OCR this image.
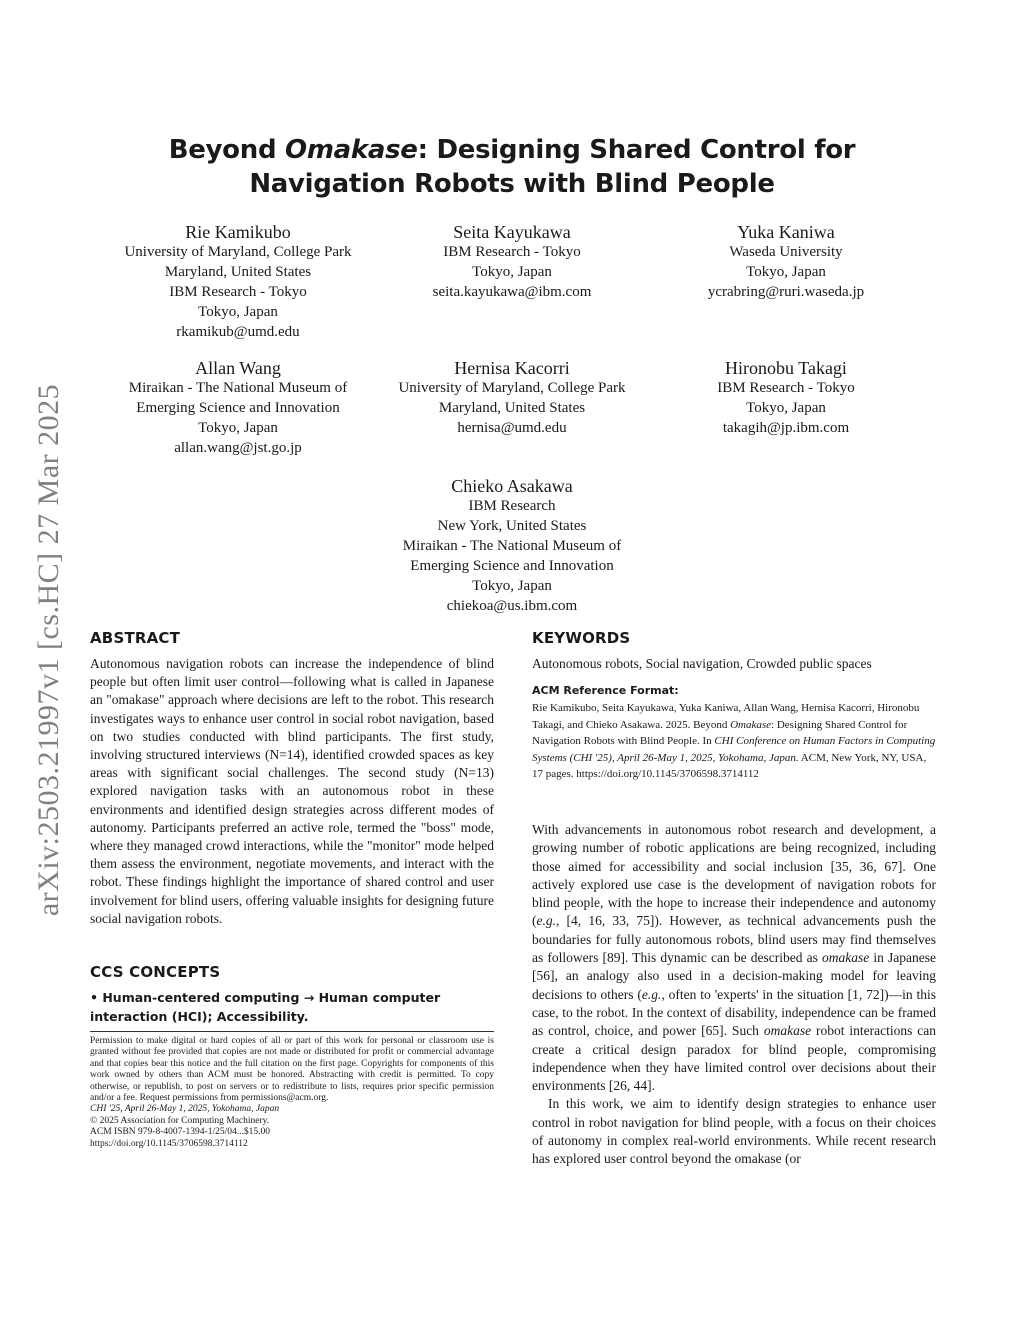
arXiv:2503.21997v1 [cs.HC] 27 Mar 2025
Beyond Omakase: Designing Shared Control for Navigation Robots with Blind People
Rie Kamikubo
University of Maryland, College Park
Maryland, United States
IBM Research - Tokyo
Tokyo, Japan
rkamikub@umd.edu
Seita Kayukawa
IBM Research - Tokyo
Tokyo, Japan
seita.kayukawa@ibm.com
Yuka Kaniwa
Waseda University
Tokyo, Japan
ycrabring@ruri.waseda.jp
Allan Wang
Miraikan - The National Museum of
Emerging Science and Innovation
Tokyo, Japan
allan.wang@jst.go.jp
Hernisa Kacorri
University of Maryland, College Park
Maryland, United States
hernisa@umd.edu
Hironobu Takagi
IBM Research - Tokyo
Tokyo, Japan
takagih@jp.ibm.com
Chieko Asakawa
IBM Research
New York, United States
Miraikan - The National Museum of
Emerging Science and Innovation
Tokyo, Japan
chiekoa@us.ibm.com
ABSTRACT

Autonomous navigation robots can increase the independence of blind people but often limit user control—following what is called in Japanese an "omakase" approach where decisions are left to the robot. This research investigates ways to enhance user control in social robot navigation, based on two studies conducted with blind participants. The first study, involving structured interviews (N=14), identified crowded spaces as key areas with significant social challenges. The second study (N=13) explored navigation tasks with an autonomous robot in these environments and identified design strategies across different modes of autonomy. Participants preferred an active role, termed the "boss" mode, where they managed crowd interactions, while the "monitor" mode helped them assess the environment, negotiate movements, and interact with the robot. These findings highlight the importance of shared control and user involvement for blind users, offering valuable insights for designing future social navigation robots.

CCS CONCEPTS

• Human-centered computing → Human computer interaction (HCI); Accessibility.

Permission to make digital or hard copies of all or part of this work for personal or classroom use is granted without fee provided that copies are not made or distributed for profit or commercial advantage and that copies bear this notice and the full citation on the first page. Copyrights for components of this work owned by others than ACM must be honored. Abstracting with credit is permitted. To copy otherwise, or republish, to post on servers or to redistribute to lists, requires prior specific permission and/or a fee. Request permissions from permissions@acm.org.

CHI '25, April 26-May 1, 2025, Yokohama, Japan

© 2025 Association for Computing Machinery.

ACM ISBN 979-8-4007-1394-1/25/04...$15.00

https://doi.org/10.1145/3706598.3714112

KEYWORDS

Autonomous robots, Social navigation, Crowded public spaces

ACM Reference Format:

Rie Kamikubo, Seita Kayukawa, Yuka Kaniwa, Allan Wang, Hernisa Kacorri, Hironobu Takagi, and Chieko Asakawa. 2025. Beyond Omakase: Designing Shared Control for Navigation Robots with Blind People. In CHI Conference on Human Factors in Computing Systems (CHI '25), April 26-May 1, 2025, Yokohama, Japan. ACM, New York, NY, USA, 17 pages. https://doi.org/10.1145/3706598.3714112

With advancements in autonomous robot research and development, a growing number of robotic applications are being recognized, including those aimed for accessibility and social inclusion [35, 36, 67]. One actively explored use case is the development of navigation robots for blind people, with the hope to increase their independence and autonomy (e.g., [4, 16, 33, 75]). However, as technical advancements push the boundaries for fully autonomous robots, blind users may find themselves as followers [89]. This dynamic can be described as omakase in Japanese [56], an analogy also used in a decision-making model for leaving decisions to others (e.g., often to 'experts' in the situation [1, 72])—in this case, to the robot. In the context of disability, independence can be framed as control, choice, and power [65]. Such omakase robot interactions can create a critical design paradox for blind people, compromising independence when they have limited control over decisions about their environments [26, 44].

In this work, we aim to identify design strategies to enhance user control in robot navigation for blind people, with a focus on their choices of autonomy in complex real-world environments. While recent research has explored user control beyond the omakase (or
